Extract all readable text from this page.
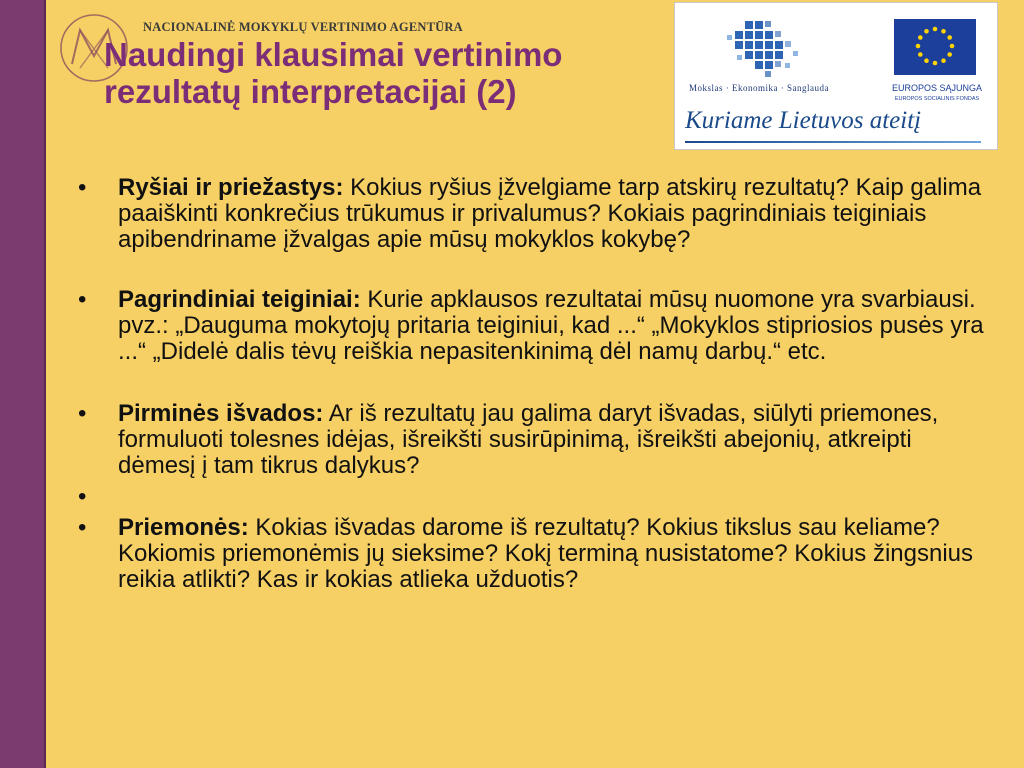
NACIONALINĖ MOKYKLŲ VERTINIMO AGENTŪRA
Naudingi klausimai vertinimo rezultatų interpretacijai (2)	Mokslas · Ekonomika · Sanglauda	EUROPOS SĄJUNGA
EUROPOS SOCIALINIS FONDAS
Kuriame Lietuvos ateitį
•	Ryšiai ir priežastys: Kokius ryšius įžvelgiame tarp atskirų rezultatų? Kaip galima paaiškinti konkrečius trūkumus ir privalumus? Kokiais pagrindiniais teiginiais apibendriname įžvalgas apie mūsų mokyklos kokybę?
•	Pagrindiniai teiginiai: Kurie apklausos rezultatai mūsų nuomone yra svarbiausi. pvz.: „Dauguma mokytojų pritaria teiginiui, kad ...“ „Mokyklos stipriosios pusės yra ...“ „Didelė dalis tėvų reiškia nepasitenkinimą dėl namų darbų.“ etc.
•	Pirminės išvados: Ar iš rezultatų jau galima daryt išvadas, siūlyti priemones, formuluoti tolesnes idėjas, išreikšti susirūpinimą, išreikšti abejonių, atkreipti dėmesį į tam tikrus dalykus?
•
•	Priemonės: Kokias išvadas darome iš rezultatų? Kokius tikslus sau keliame? Kokiomis priemonėmis jų sieksime? Kokį terminą nusistatome? Kokius žingsnius reikia atlikti? Kas ir kokias atlieka užduotis?
